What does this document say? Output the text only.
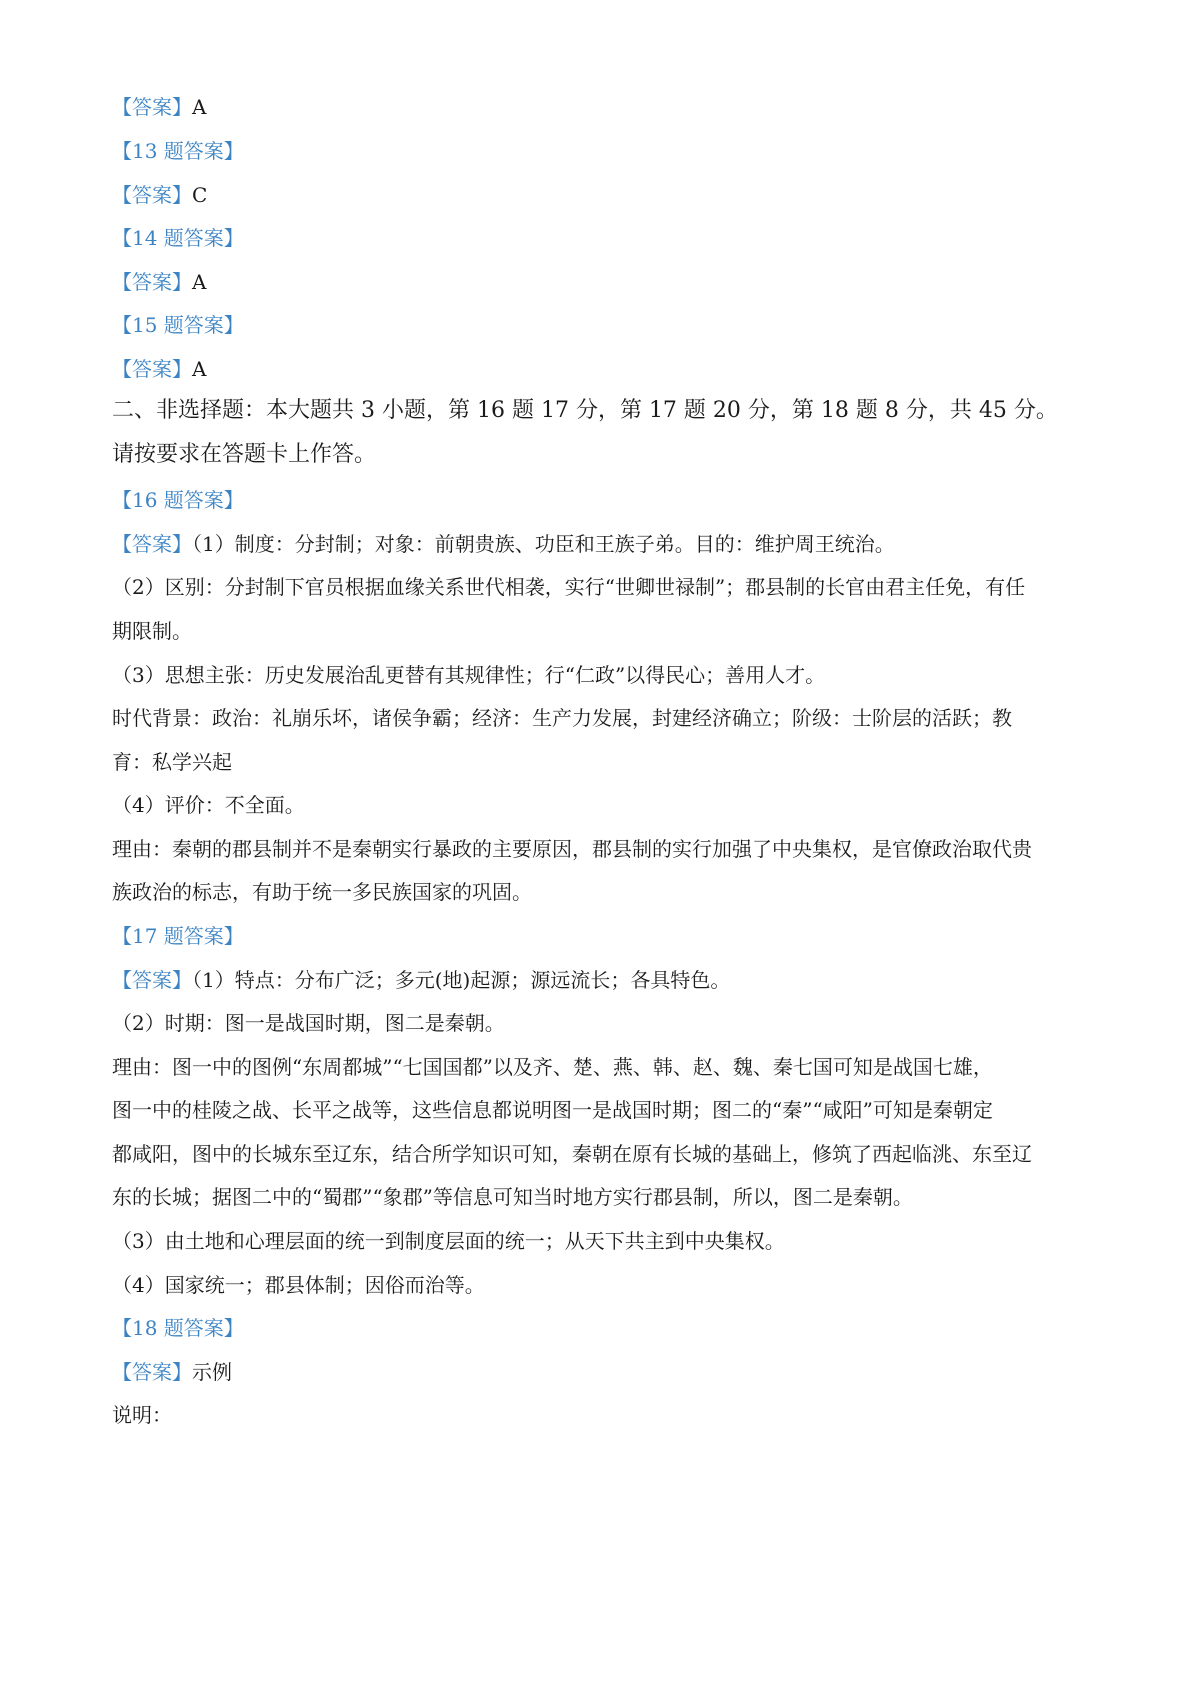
【答案】A
【13 题答案】
【答案】C
【14 题答案】
【答案】A
【15 题答案】
【答案】A
二、非选择题：本大题共 3 小题，第 16 题 17 分，第 17 题 20 分，第 18 题 8 分，共 45 分。
请按要求在答题卡上作答。
【16 题答案】
【答案】（1）制度：分封制；对象：前朝贵族、功臣和王族子弟。目的：维护周王统治。
（2）区别：分封制下官员根据血缘关系世代相袭，实行“世卿世禄制”；郡县制的长官由君主任免，有任
期限制。
（3）思想主张：历史发展治乱更替有其规律性；行“仁政”以得民心；善用人才。
时代背景：政治：礼崩乐坏，诸侯争霸；经济：生产力发展，封建经济确立；阶级：士阶层的活跃；教
育：私学兴起
（4）评价：不全面。
理由：秦朝的郡县制并不是秦朝实行暴政的主要原因，郡县制的实行加强了中央集权，是官僚政治取代贵
族政治的标志，有助于统一多民族国家的巩固。
【17 题答案】
【答案】（1）特点：分布广泛；多元(地)起源；源远流长；各具特色。
（2）时期：图一是战国时期，图二是秦朝。
理由：图一中的图例“东周都城”“七国国都”以及齐、楚、燕、韩、赵、魏、秦七国可知是战国七雄，
图一中的桂陵之战、长平之战等，这些信息都说明图一是战国时期；图二的“秦”“咸阳”可知是秦朝定
都咸阳，图中的长城东至辽东，结合所学知识可知，秦朝在原有长城的基础上，修筑了西起临洮、东至辽
东的长城；据图二中的“蜀郡”“象郡”等信息可知当时地方实行郡县制，所以，图二是秦朝。
（3）由土地和心理层面的统一到制度层面的统一；从天下共主到中央集权。
（4）国家统一；郡县体制；因俗而治等。
【18 题答案】
【答案】示例
说明：
